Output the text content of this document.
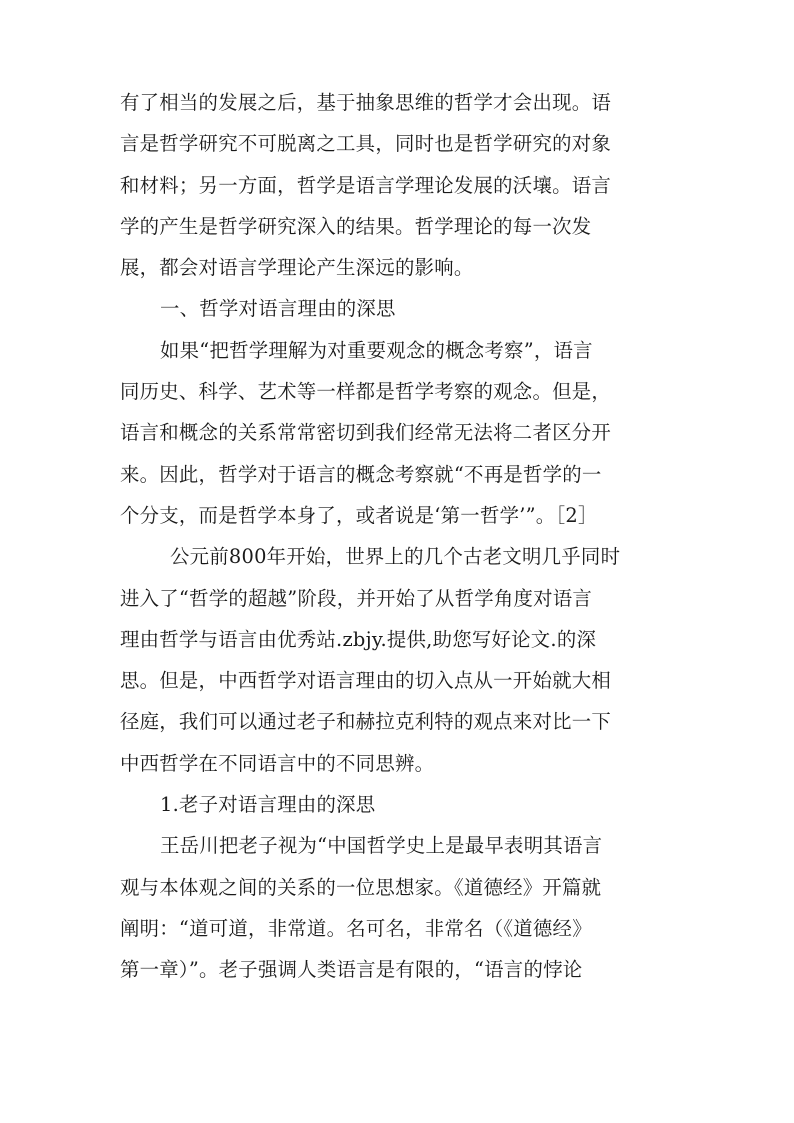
有了相当的发展之后，基于抽象思维的哲学才会出现。语
言是哲学研究不可脱离之工具，同时也是哲学研究的对象
和材料；另一方面，哲学是语言学理论发展的沃壤。语言
学的产生是哲学研究深入的结果。哲学理论的每一次发
展，都会对语言学理论产生深远的影响。
一、哲学对语言理由的深思
如果“把哲学理解为对重要观念的概念考察”，语言
同历史、科学、艺术等一样都是哲学考察的观念。但是，
语言和概念的关系常常密切到我们经常无法将二者区分开
来。因此，哲学对于语言的概念考察就“不再是哲学的一
个分支，而是哲学本身了，或者说是‘第一哲学’”。［2］
公元前800年开始，世界上的几个古老文明几乎同时
进入了“哲学的超越”阶段，并开始了从哲学角度对语言
理由哲学与语言由优秀站.zbjy.提供,助您写好论文.的深
思。但是，中西哲学对语言理由的切入点从一开始就大相
径庭，我们可以通过老子和赫拉克利特的观点来对比一下
中西哲学在不同语言中的不同思辨。
1.老子对语言理由的深思
王岳川把老子视为“中国哲学史上是最早表明其语言
观与本体观之间的关系的一位思想家。《道德经》开篇就
阐明：“道可道，非常道。名可名，非常名（《道德经》
第一章）”。老子强调人类语言是有限的，“语言的悖论
